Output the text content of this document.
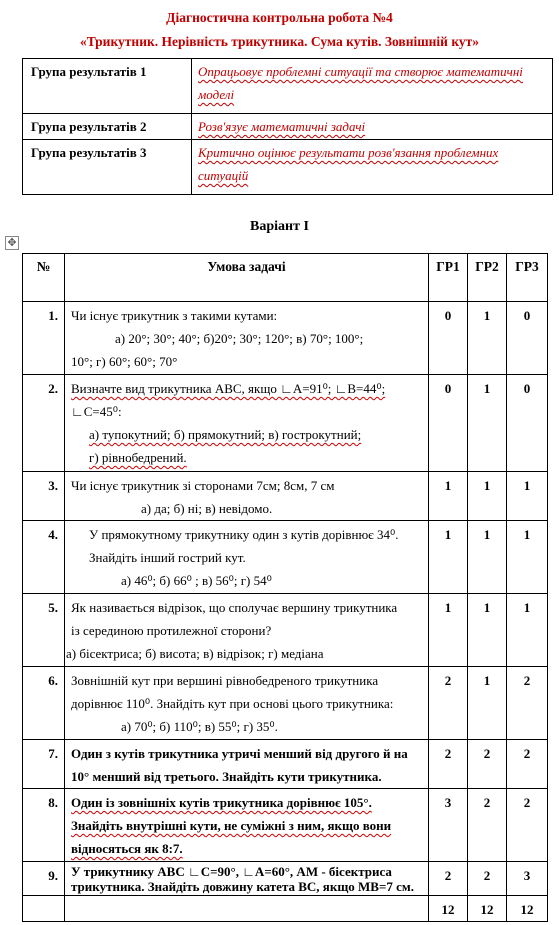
Діагностична контрольна робота №4
«Трикутник. Нерівність трикутника. Сума кутів. Зовнішній кут»
Група результатів 1	Опрацьовує проблемні ситуації та створює математичні
моделі

Група результатів 2	Розв'язує математичні задачі

Група результатів 3	Критично оцінює результати розв'язання проблемних
ситуацій
Варіант І
✥
№	Умова задачі	ГР1	ГР2	ГР3
1.	Чи існує трикутник з такими кутами:
а) 20°; 30°; 40°; б)20°; 30°; 120°; в) 70°; 100°;
10°; г) 60°; 60°; 70°	0	1	0
2.	Визначте вид трикутника АВС, якщо ∟А=91⁰; ∟В=44⁰;
∟С=45⁰:
а) тупокутний; б) прямокутний; в) гострокутний;
г) рівнобедрений.	0	1	0
3.	Чи існує трикутник зі сторонами 7см; 8см, 7 см
а) да; б) ні; в) невідомо.	1	1	1
4.	У прямокутному трикутнику один з кутів дорівнює 34⁰.
Знайдіть інший гострий кут.
а) 46⁰; б) 66⁰ ; в) 56⁰; г) 54⁰	1	1	1
5.	Як називається відрізок, що сполучає вершину трикутника
із серединою протилежної сторони?
а) бісектриса; б) висота; в) відрізок; г) медіана	1	1	1
6.	Зовнішній кут при вершині рівнобедреного трикутника
дорівнює 110⁰. Знайдіть кут при основі цього трикутника:
а) 70⁰; б) 110⁰; в) 55⁰; г) 35⁰.	2	1	2
7.	Один з кутів трикутника утричі менший від другого й на
10° менший від третього. Знайдіть кути трикутника.	2	2	2
8.	Один із зовнішніх кутів трикутника дорівнює 105°.
Знайдіть внутрішні кути, не суміжні з ним, якщо вони
відносяться як 8:7.	3	2	2
9.	У трикутнику АВС ∟С=90°, ∟А=60°, АМ - бісектриса
трикутника. Знайдіть довжину катета ВС, якщо МВ=7 см.	2	2	3
		12	12	12
